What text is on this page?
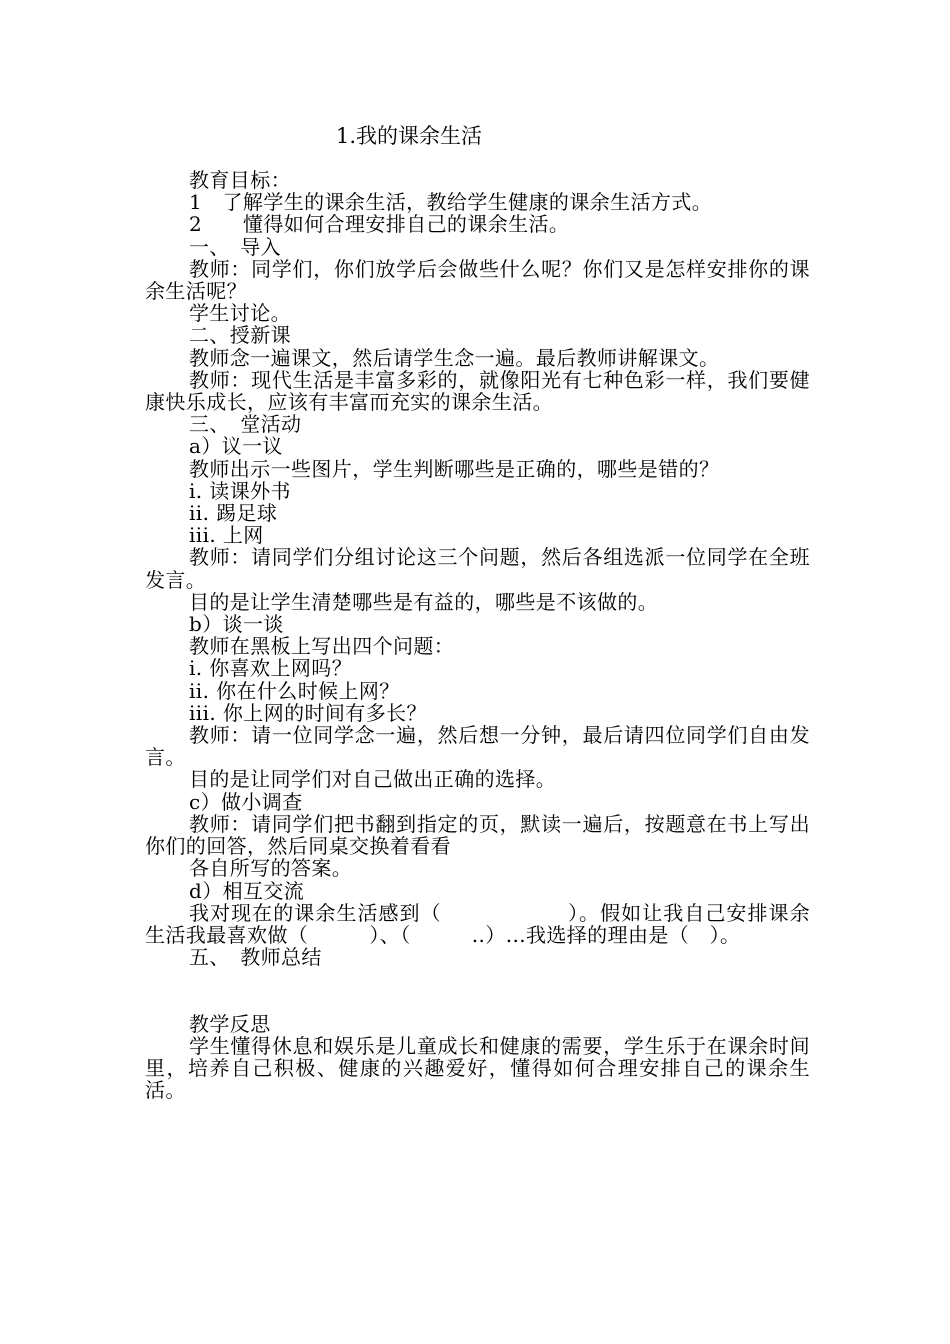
1.我的课余生活
教育目标：
1　了解学生的课余生活，教给学生健康的课余生活方式。
2　　懂得如何合理安排自己的课余生活。
一、　导入
教师：同学们，你们放学后会做些什么呢？你们又是怎样安排你的课余生活呢？
学生讨论。
二、授新课
教师念一遍课文，然后请学生念一遍。最后教师讲解课文。
教师：现代生活是丰富多彩的，就像阳光有七种色彩一样，我们要健康快乐成长，应该有丰富而充实的课余生活。
三、　堂活动
a）议一议
教师出示一些图片，学生判断哪些是正确的，哪些是错的？
i. 读课外书
ii. 踢足球
iii. 上网
教师：请同学们分组讨论这三个问题，然后各组选派一位同学在全班发言。
目的是让学生清楚哪些是有益的，哪些是不该做的。
b）谈一谈
教师在黑板上写出四个问题：
i. 你喜欢上网吗？
ii. 你在什么时候上网？
iii. 你上网的时间有多长？
教师：请一位同学念一遍，然后想一分钟，最后请四位同学们自由发言。
目的是让同学们对自己做出正确的选择。
c）做小调查
教师：请同学们把书翻到指定的页，默读一遍后，按题意在书上写出你们的回答，然后同桌交换着看看
各自所写的答案。
d）相互交流
我对现在的课余生活感到（　　　　　　）。假如让我自己安排课余生活我最喜欢做（　　　）、（　　　..）...我选择的理由是（　）。
五、　教师总结
教学反思
学生懂得休息和娱乐是儿童成长和健康的需要，学生乐于在课余时间里，培养自己积极、健康的兴趣爱好，懂得如何合理安排自己的课余生活。
